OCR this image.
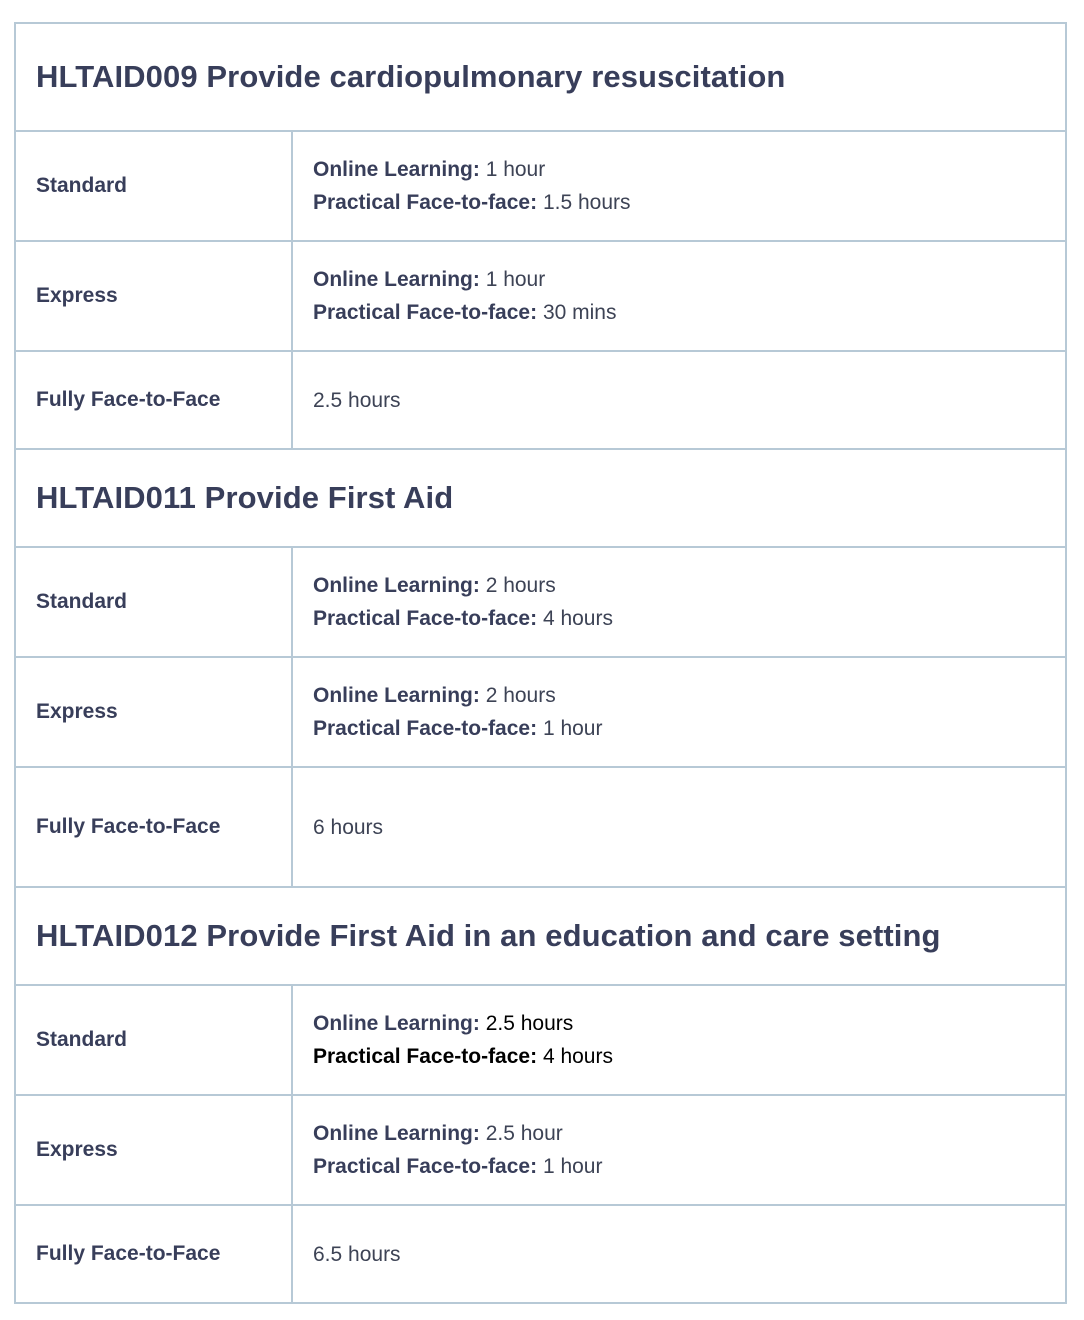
HLTAID009 Provide cardiopulmonary resuscitation	
Standard	Online Learning: 1 hour
Practical Face-to-face: 1.5 hours

Express	Online Learning: 1 hour
Practical Face-to-face: 30 mins

Fully Face-to-Face	2.5 hours
HLTAID011 Provide First Aid	
Standard	Online Learning: 2 hours
Practical Face-to-face: 4 hours

Express	Online Learning: 2 hours
Practical Face-to-face: 1 hour

Fully Face-to-Face	6 hours
HLTAID012 Provide First Aid in an education and care setting	
Standard	Online Learning: 2.5 hours
Practical Face-to-face: 4 hours

Express	Online Learning: 2.5 hour
Practical Face-to-face: 1 hour

Fully Face-to-Face	6.5 hours
